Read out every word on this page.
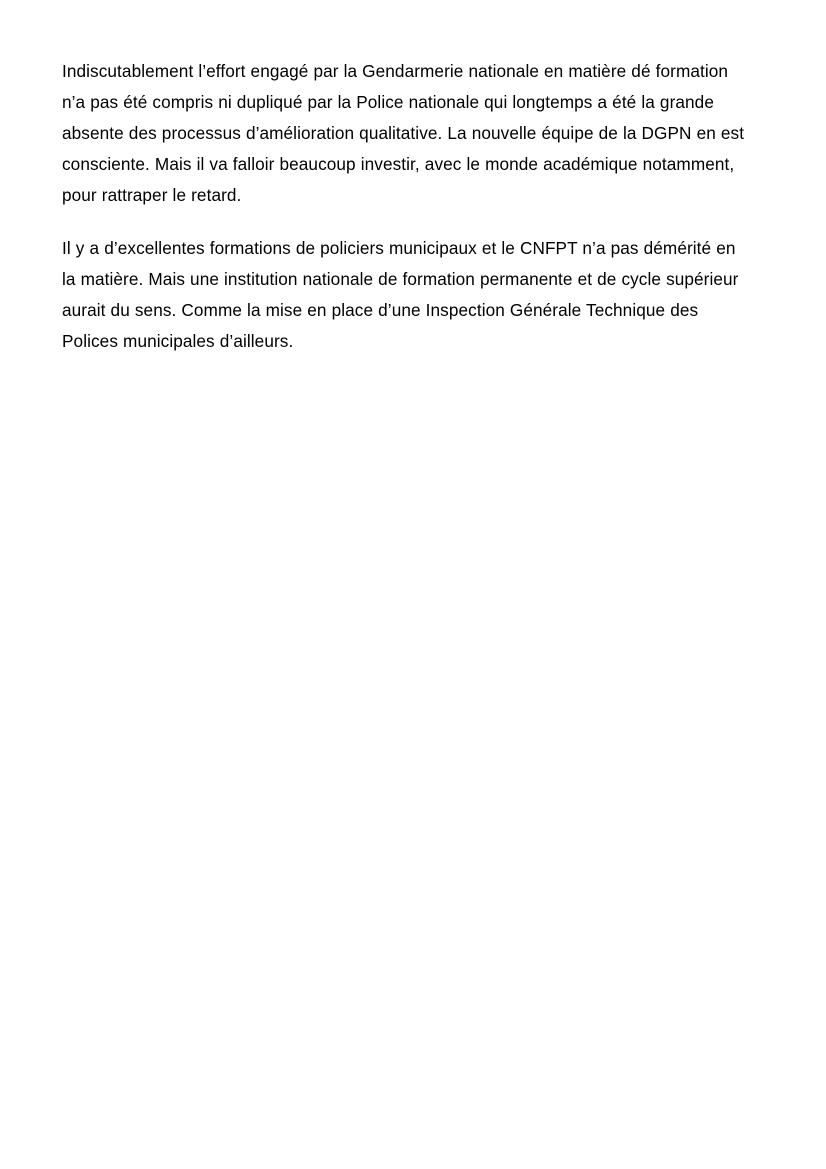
Indiscutablement l’effort engagé par la Gendarmerie nationale en matière dé formation n’a pas été compris ni dupliqué par la Police nationale qui longtemps a été la grande absente des processus d’amélioration qualitative. La nouvelle équipe de la DGPN en est consciente. Mais il va falloir beaucoup investir, avec le monde académique notamment, pour rattraper le retard.

Il y a d’excellentes formations de policiers municipaux et le CNFPT n’a pas démérité en la matière. Mais une institution nationale de formation permanente et de cycle supérieur aurait du sens. Comme la mise en place d’une Inspection Générale Technique des Polices municipales d’ailleurs.
